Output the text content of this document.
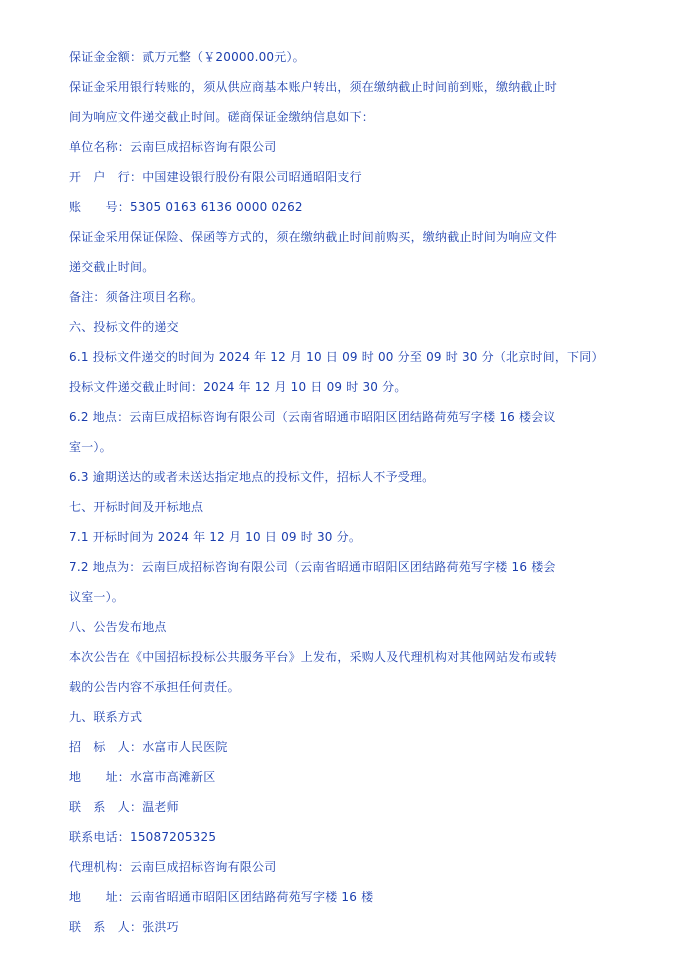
保证金金额：贰万元整（￥20000.00元）。
保证金采用银行转账的，须从供应商基本账户转出，须在缴纳截止时间前到账，缴纳截止时
间为响应文件递交截止时间。磋商保证金缴纳信息如下：
单位名称：云南巨成招标咨询有限公司
开　户　行：中国建设银行股份有限公司昭通昭阳支行
账　　号：5305 0163 6136 0000 0262
保证金采用保证保险、保函等方式的，须在缴纳截止时间前购买，缴纳截止时间为响应文件
递交截止时间。
备注：须备注项目名称。
六、投标文件的递交
6.1 投标文件递交的时间为 2024 年 12 月 10 日 09 时 00 分至 09 时 30 分（北京时间，下同）
投标文件递交截止时间：2024 年 12 月 10 日 09 时 30 分。
6.2 地点：云南巨成招标咨询有限公司（云南省昭通市昭阳区团结路荷苑写字楼 16 楼会议
室一）。
6.3 逾期送达的或者未送达指定地点的投标文件，招标人不予受理。
七、开标时间及开标地点
7.1 开标时间为 2024 年 12 月 10 日 09 时 30 分。
7.2 地点为：云南巨成招标咨询有限公司（云南省昭通市昭阳区团结路荷苑写字楼 16 楼会
议室一）。
八、公告发布地点
本次公告在《中国招标投标公共服务平台》上发布，采购人及代理机构对其他网站发布或转
载的公告内容不承担任何责任。
九、联系方式
招　标　人：水富市人民医院
地　　址：水富市高滩新区
联　系　人：温老师
联系电话：15087205325
代理机构：云南巨成招标咨询有限公司
地　　址：云南省昭通市昭阳区团结路荷苑写字楼 16 楼
联　系　人：张洪巧
